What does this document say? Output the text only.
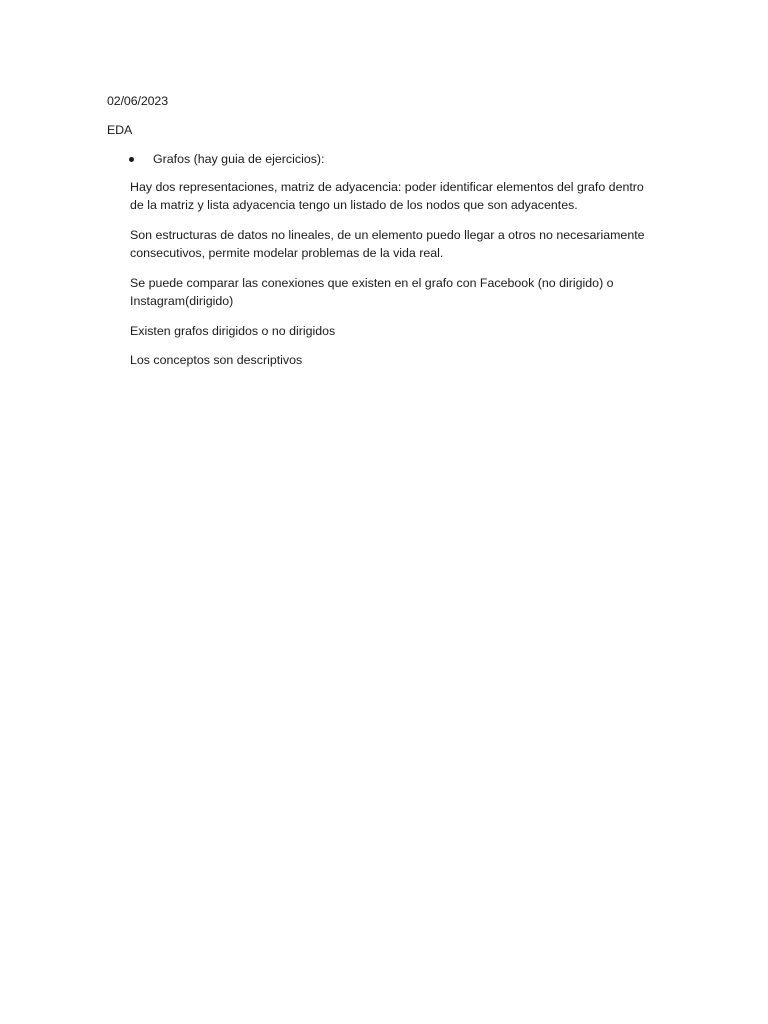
02/06/2023
EDA
Grafos (hay guia de ejercicios):
Hay dos representaciones, matriz de adyacencia: poder identificar elementos del grafo dentro
de la matriz y lista adyacencia tengo un listado de los nodos que son adyacentes.
Son estructuras de datos no lineales, de un elemento puedo llegar a otros no necesariamente
consecutivos, permite modelar problemas de la vida real.
Se puede comparar las conexiones que existen en el grafo con Facebook (no dirigido) o
Instagram(dirigido)
Existen grafos dirigidos o no dirigidos
Los conceptos son descriptivos
